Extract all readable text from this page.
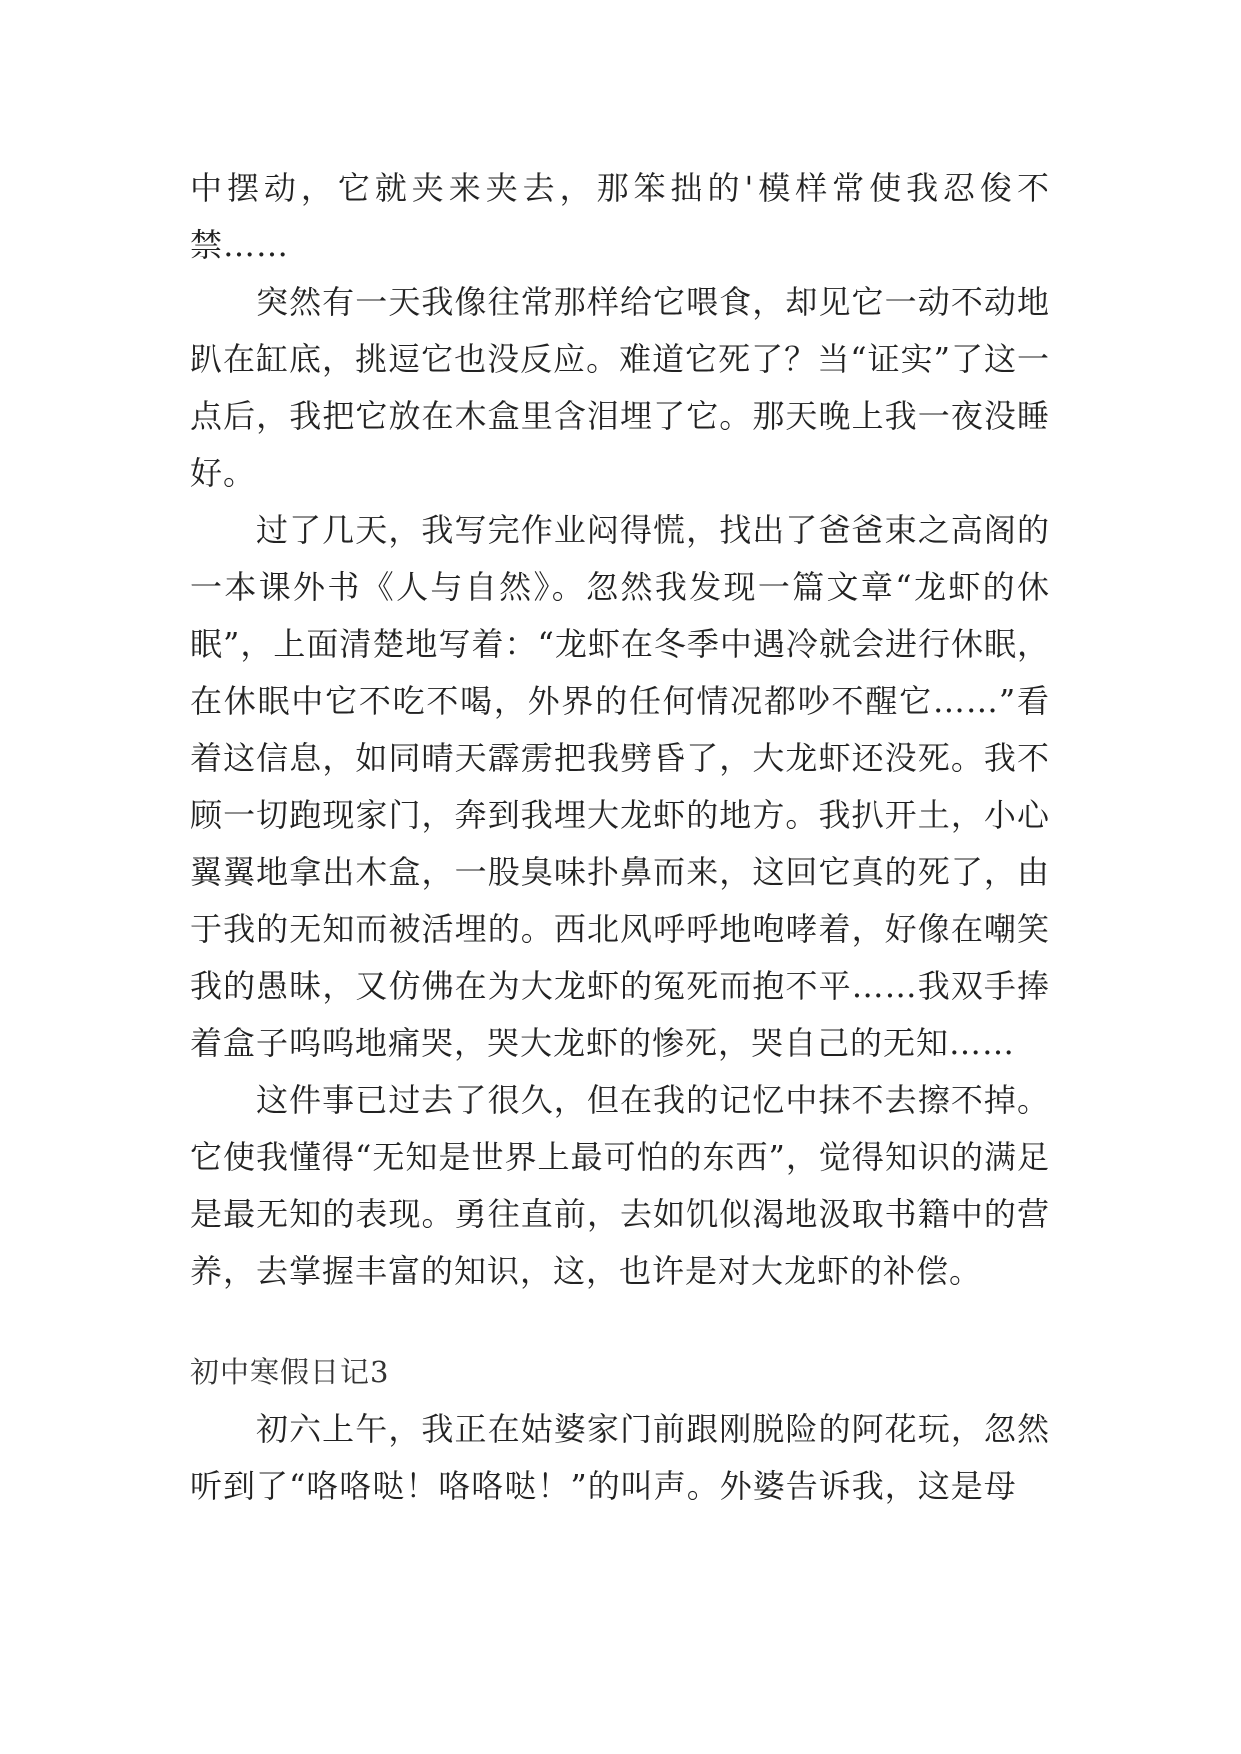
中摆动，它就夹来夹去，那笨拙的'模样常使我忍俊不禁……

突然有一天我像往常那样给它喂食，却见它一动不动地趴在缸底，挑逗它也没反应。难道它死了？当“证实”了这一点后，我把它放在木盒里含泪埋了它。那天晚上我一夜没睡好。

过了几天，我写完作业闷得慌，找出了爸爸束之高阁的一本课外书《人与自然》。忽然我发现一篇文章“龙虾的休眠”，上面清楚地写着：“龙虾在冬季中遇冷就会进行休眠，在休眠中它不吃不喝，外界的任何情况都吵不醒它……”看着这信息，如同晴天霹雳把我劈昏了，大龙虾还没死。我不顾一切跑现家门，奔到我埋大龙虾的地方。我扒开土，小心翼翼地拿出木盒，一股臭味扑鼻而来，这回它真的死了，由于我的无知而被活埋的。西北风呼呼地咆哮着，好像在嘲笑我的愚昧，又仿佛在为大龙虾的冤死而抱不平……我双手捧着盒子呜呜地痛哭，哭大龙虾的惨死，哭自己的无知……

这件事已过去了很久，但在我的记忆中抹不去擦不掉。它使我懂得“无知是世界上最可怕的东西”，觉得知识的满足是最无知的表现。勇往直前，去如饥似渴地汲取书籍中的营养，去掌握丰富的知识，这，也许是对大龙虾的补偿。

初中寒假日记3

初六上午，我正在姑婆家门前跟刚脱险的阿花玩，忽然听到了“咯咯哒！咯咯哒！”的叫声。外婆告诉我，这是母
